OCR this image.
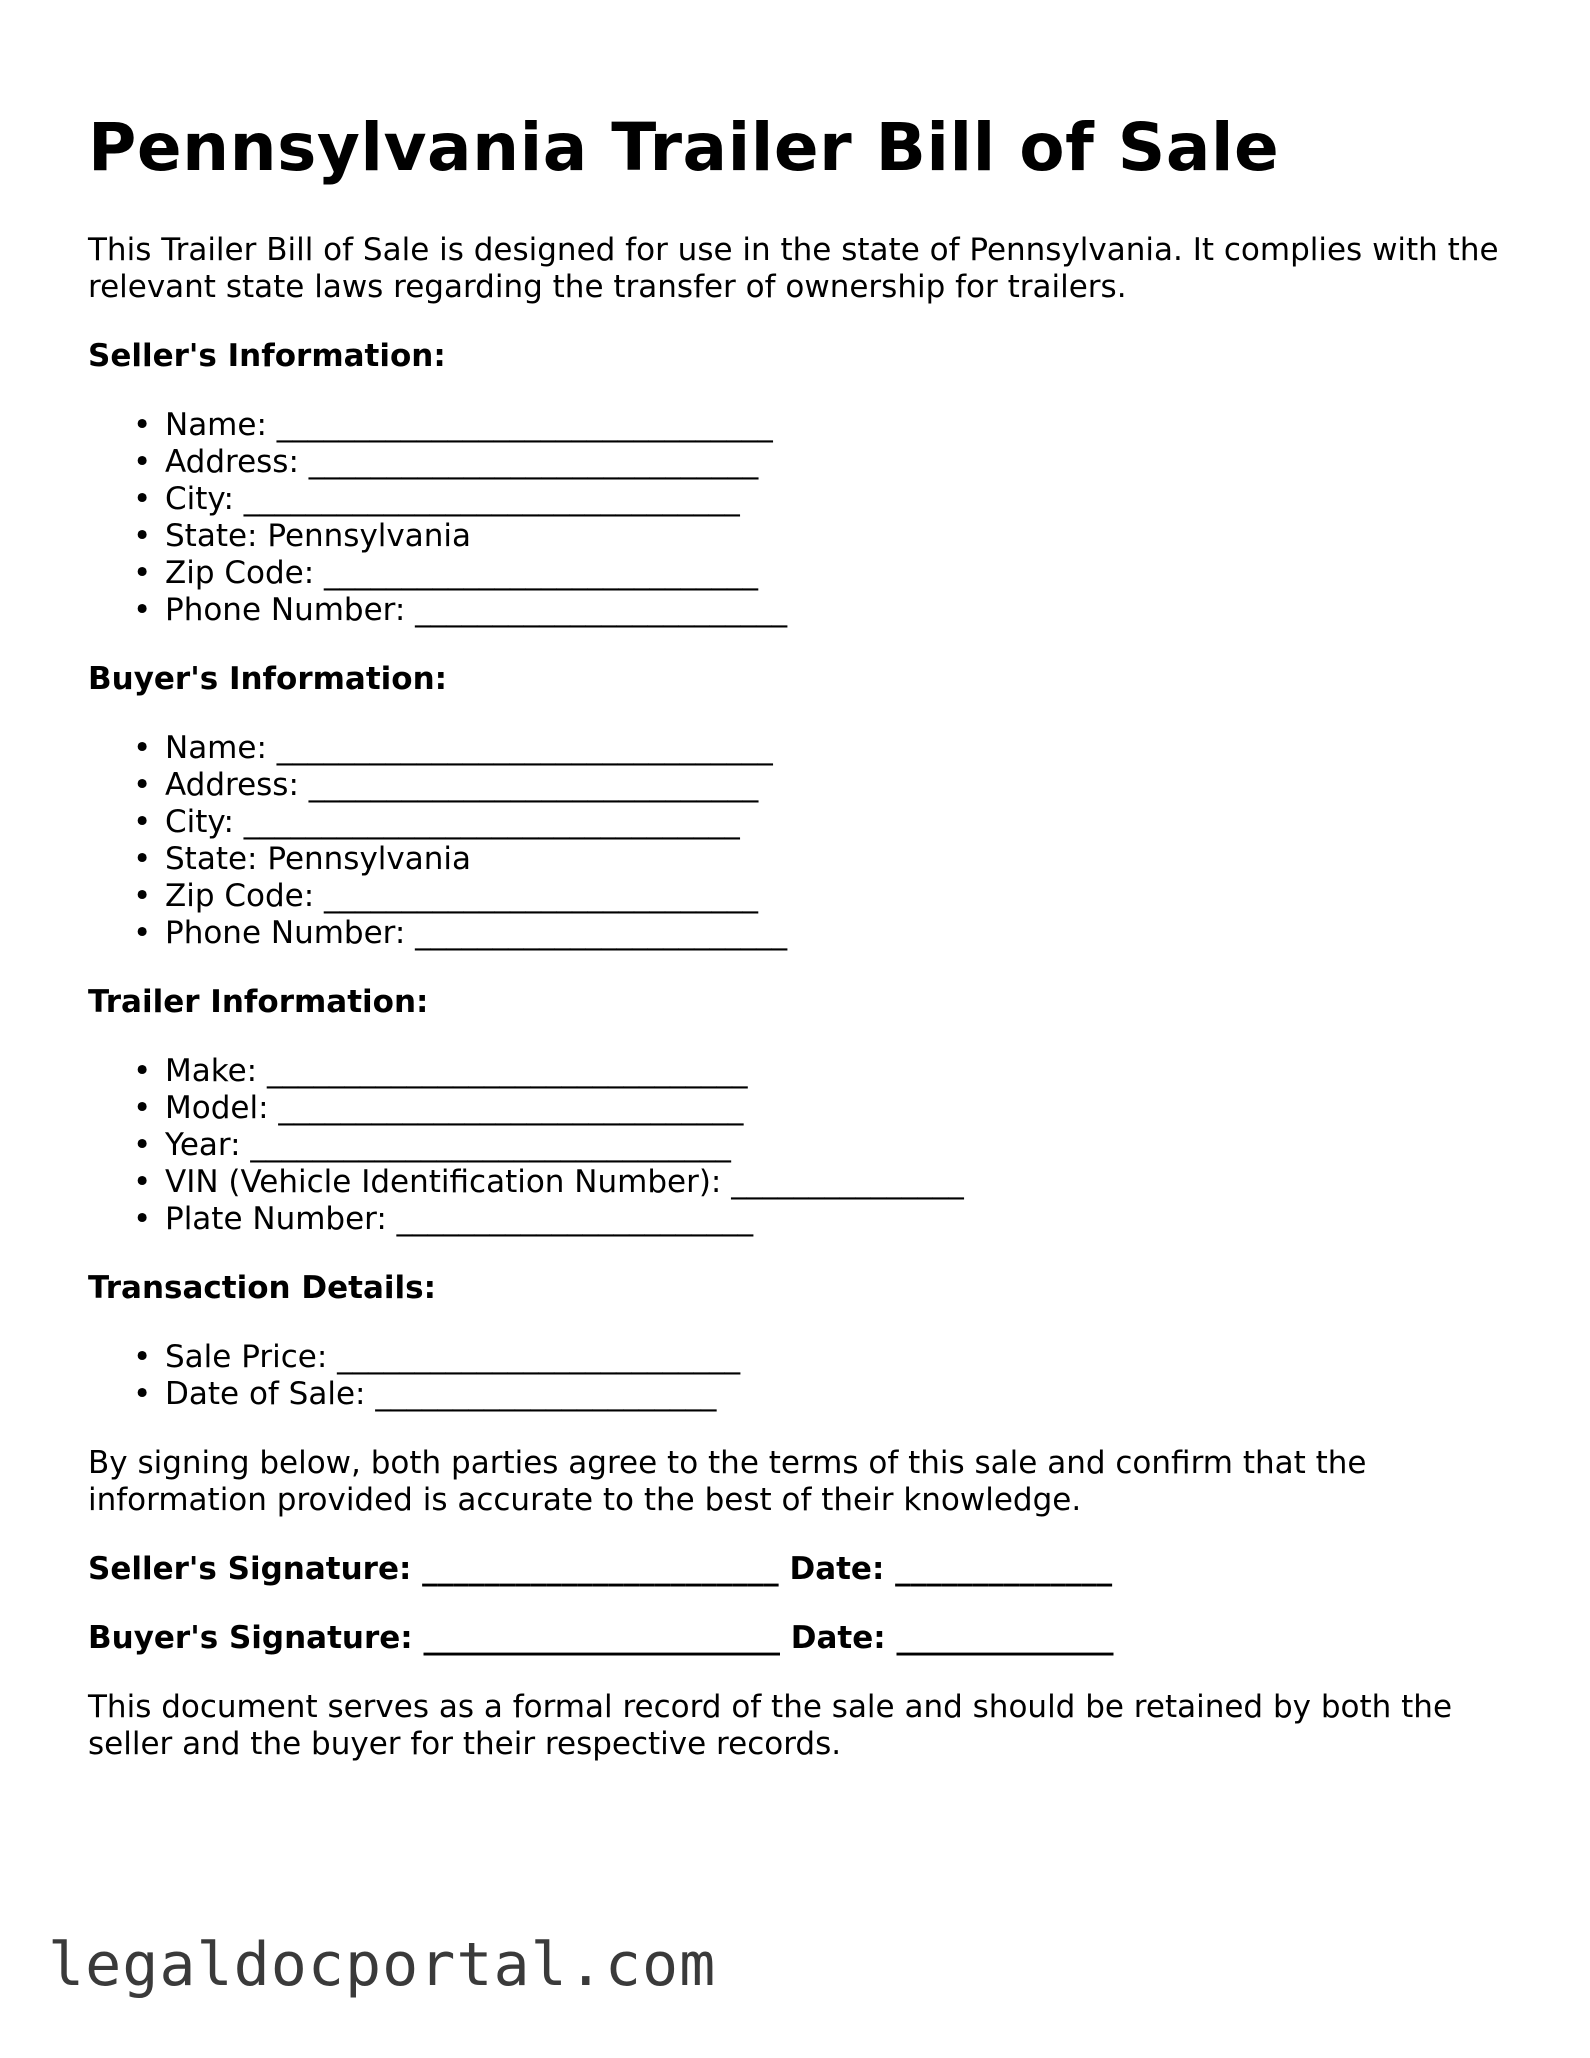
Pennsylvania Trailer Bill of Sale

This Trailer Bill of Sale is designed for use in the state of Pennsylvania. It complies with the relevant state laws regarding the transfer of ownership for trailers.

Seller's Information:
• Name: ________________________________
• Address: _____________________________
• City: ________________________________
• State: Pennsylvania
• Zip Code: ____________________________
• Phone Number: ________________________
Buyer's Information:
• Name: ________________________________
• Address: _____________________________
• City: ________________________________
• State: Pennsylvania
• Zip Code: ____________________________
• Phone Number: ________________________
Trailer Information:
• Make: _______________________________
• Model: ______________________________
• Year: _______________________________
• VIN (Vehicle Identification Number): _______________
• Plate Number: _______________________
Transaction Details:
• Sale Price: __________________________
• Date of Sale: ______________________

By signing below, both parties agree to the terms of this sale and confirm that the information provided is accurate to the best of their knowledge.

Seller's Signature: _______________________ Date: ______________
Buyer's Signature: _______________________ Date: ______________

This document serves as a formal record of the sale and should be retained by both the seller and the buyer for their respective records.

legaldocportal.com
